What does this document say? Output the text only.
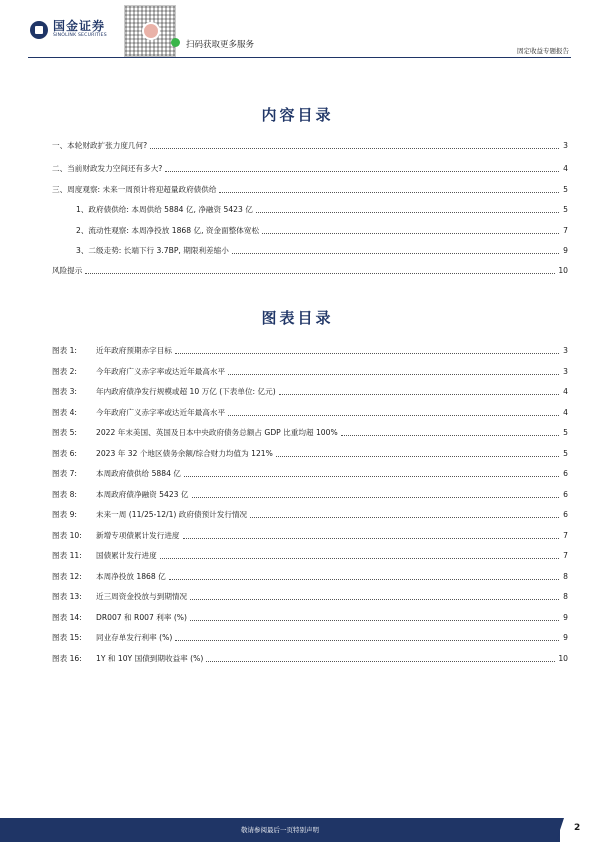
国金证券
SINOLINK SECURITIES
扫码获取更多服务
固定收益专题报告
内容目录
一、本轮财政扩张力度几何?	3
二、当前财政发力空间还有多大?	4
三、周度观察: 未来一周预计将迎超量政府债供给	5
1、政府债供给: 本周供给 5884 亿, 净融资 5423 亿	5
2、流动性观察: 本周净投放 1868 亿, 资金面整体宽松	7
3、二级走势: 长端下行 3.7BP, 期限利差缩小	9
风险提示	10
图表目录
图表 1:	近年政府预期赤字目标	3
图表 2:	今年政府广义赤字率或达近年最高水平	3
图表 3:	年内政府债净发行规模或超 10 万亿 (下表单位: 亿元)	4
图表 4:	今年政府广义赤字率或达近年最高水平	4
图表 5:	2022 年末美国、英国及日本中央政府债务总额占 GDP 比重均超 100%	5
图表 6:	2023 年 32 个地区债务余额/综合财力均值为 121%	5
图表 7:	本周政府债供给 5884 亿	6
图表 8:	本周政府债净融资 5423 亿	6
图表 9:	未来一周 (11/25-12/1) 政府债预计发行情况	6
图表 10: 新增专项债累计发行进度	7
图表 11: 国债累计发行进度	7
图表 12: 本周净投放 1868 亿	8
图表 13: 近三周资金投放与到期情况	8
图表 14: DR007 和 R007 利率 (%)	9
图表 15: 同业存单发行利率 (%)	9
图表 16: 1Y 和 10Y 国债到期收益率 (%)	10
敬请参阅最后一页特别声明	2
